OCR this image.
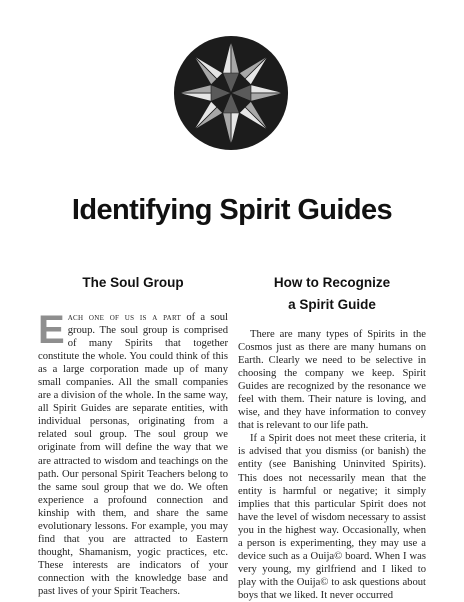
Identifying Spirit Guides
The Soul Group

Each one of us is a part of a soul group. The soul group is comprised of many Spirits that together constitute the whole. You could think of this as a large corporation made up of many small companies. All the small companies are a division of the whole. In the same way, all Spirit Guides are separate entities, with individual personas, originating from a related soul group. The soul group we originate from will define the way that we are attracted to wisdom and teachings on the path. Our personal Spirit Teachers belong to the same soul group that we do. We often experience a profound connection and kinship with them, and share the same evolutionary lessons. For example, you may find that you are attracted to Eastern thought, Shamanism, yogic practices, etc. These interests are indicators of your connection with the knowledge base and past lives of your Spirit Teachers.

How to Recognize
a Spirit Guide

There are many types of Spirits in the Cosmos just as there are many humans on Earth. Clearly we need to be selective in choosing the company we keep. Spirit Guides are recognized by the resonance we feel with them. Their nature is loving, and wise, and they have information to convey that is relevant to our life path.

If a Spirit does not meet these criteria, it is advised that you dismiss (or banish) the entity (see Banishing Uninvited Spirits). This does not necessarily mean that the entity is harmful or negative; it simply implies that this particular Spirit does not have the level of wisdom necessary to assist you in the highest way. Occasionally, when a person is experimenting, they may use a device such as a Ouija© board. When I was very young, my girlfriend and I liked to play with the Ouija© to ask questions about boys that we liked. It never occurred
